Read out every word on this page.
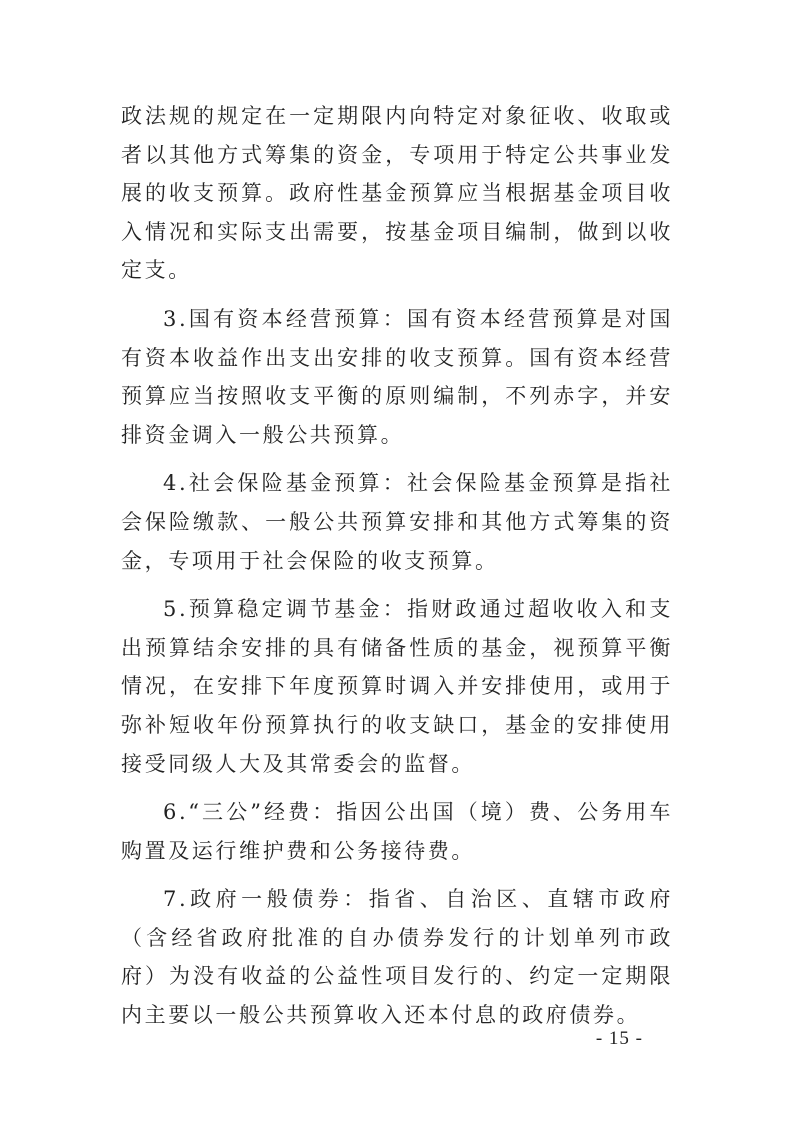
政法规的规定在一定期限内向特定对象征收、收取或者以其他方式筹集的资金，专项用于特定公共事业发展的收支预算。政府性基金预算应当根据基金项目收入情况和实际支出需要，按基金项目编制，做到以收定支。

3.国有资本经营预算：国有资本经营预算是对国有资本收益作出支出安排的收支预算。国有资本经营预算应当按照收支平衡的原则编制，不列赤字，并安排资金调入一般公共预算。

4.社会保险基金预算：社会保险基金预算是指社会保险缴款、一般公共预算安排和其他方式筹集的资金，专项用于社会保险的收支预算。

5.预算稳定调节基金：指财政通过超收收入和支出预算结余安排的具有储备性质的基金，视预算平衡情况，在安排下年度预算时调入并安排使用，或用于弥补短收年份预算执行的收支缺口，基金的安排使用接受同级人大及其常委会的监督。

6.“三公”经费：指因公出国（境）费、公务用车购置及运行维护费和公务接待费。

7.政府一般债券：指省、自治区、直辖市政府（含经省政府批准的自办债券发行的计划单列市政府）为没有收益的公益性项目发行的、约定一定期限内主要以一般公共预算收入还本付息的政府债券。

- 15 -
